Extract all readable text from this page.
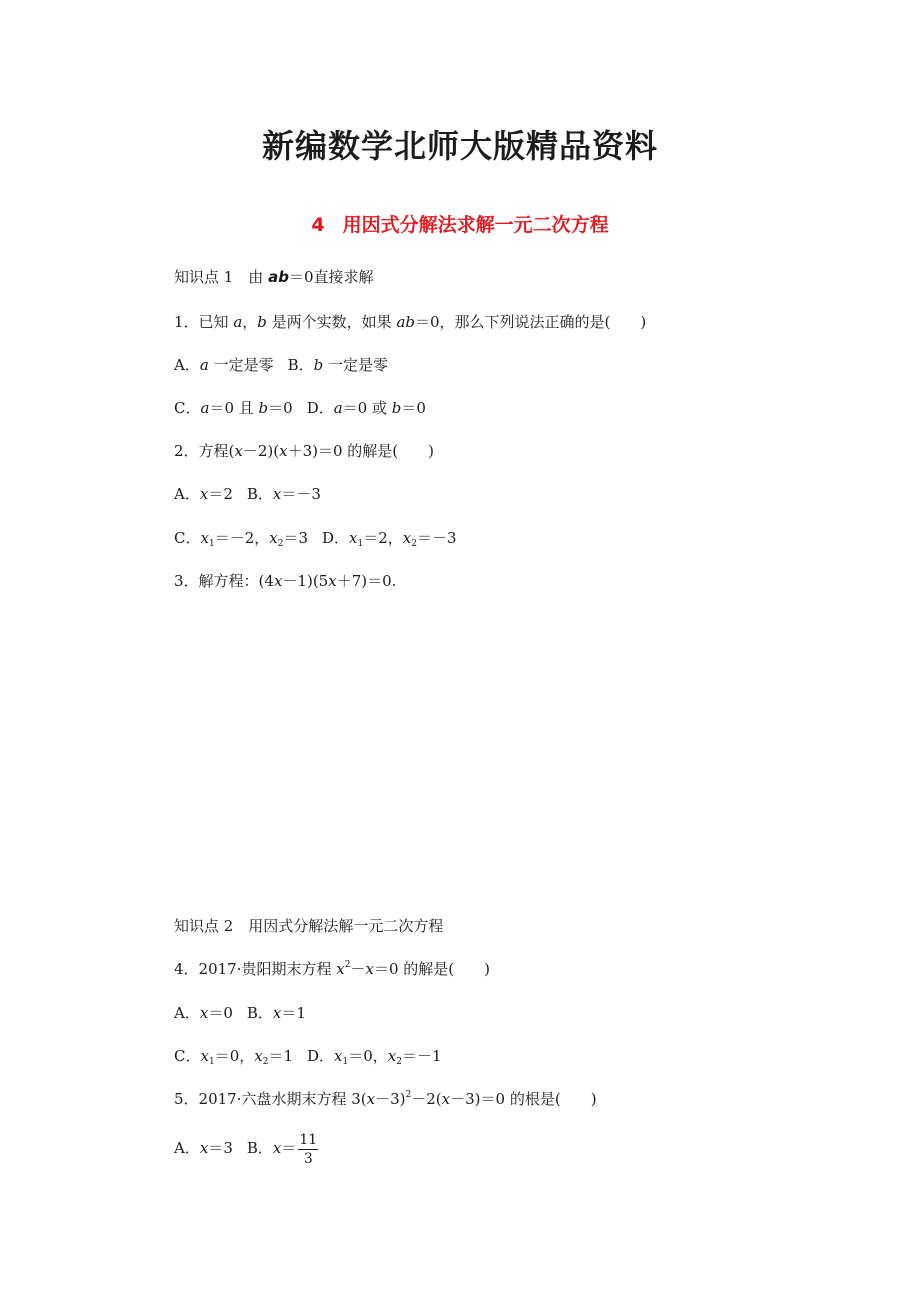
新编数学北师大版精品资料
4 用因式分解法求解一元二次方程
知识点 1　由 ab＝0直接求解
1．已知 a，b 是两个实数，如果 ab＝0，那么下列说法正确的是(　　)
A．a 一定是零 B．b 一定是零
C．a＝0 且 b＝0 D．a＝0 或 b＝0
2．方程(x－2)(x＋3)＝0 的解是(　　)
A．x＝2 B．x＝－3
C．$x_1=-2$，$x_2=3$ D．$x_1=2$，$x_2=-3$
3．解方程：(4x－1)(5x＋7)＝0.
知识点 2　用因式分解法解一元二次方程
4．2017·贵阳期末方程 $x^2-x=0$ 的解是(　　)
A．x＝0 B．x＝1
C．$x_1=0$，$x_2=1$ D．$x_1=0$，$x_2=-1$
5．2017·六盘水期末方程 $3(x-3)^2-2(x-3)=0$ 的根是(　　)
A．x＝3 B．$x= \frac{11}{3}$
